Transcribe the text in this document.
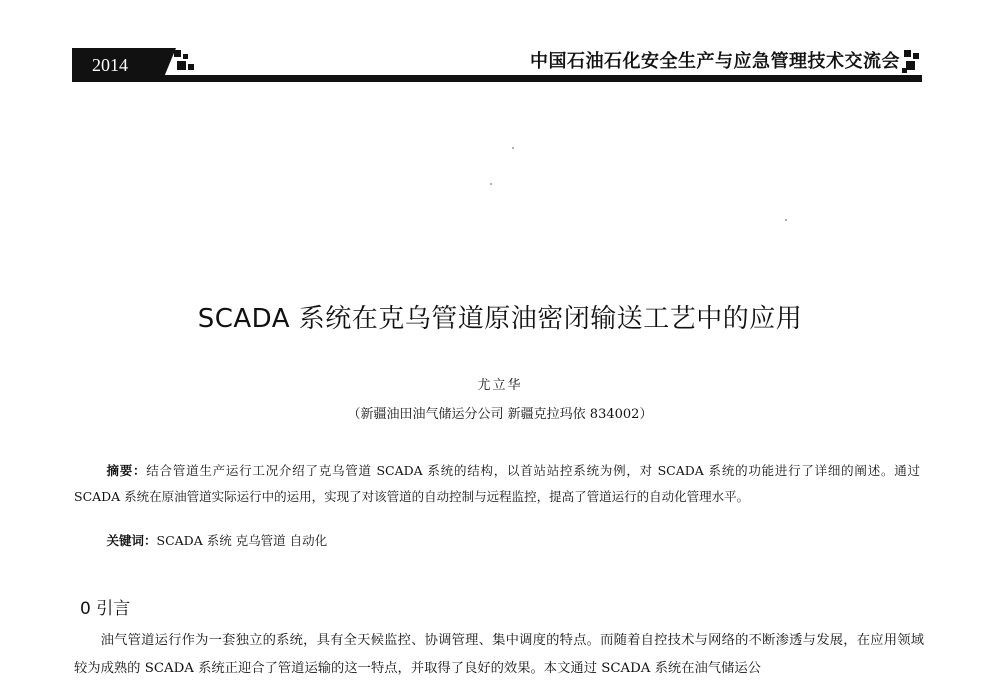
2014	中国石油石化安全生产与应急管理技术交流会
SCADA 系统在克乌管道原油密闭输送工艺中的应用
尤立华
（新疆油田油气储运分公司 新疆克拉玛依 834002）
摘要：结合管道生产运行工况介绍了克乌管道 SCADA 系统的结构，以首站站控系统为例，对 SCADA 系统的功能进行了详细的阐述。通过 SCADA 系统在原油管道实际运行中的运用，实现了对该管道的自动控制与远程监控，提高了管道运行的自动化管理水平。
关键词：SCADA 系统 克乌管道 自动化
0 引言
油气管道运行作为一套独立的系统，具有全天候监控、协调管理、集中调度的特点。而随着自控技术与网络的不断渗透与发展，在应用领域较为成熟的 SCADA 系统正迎合了管道运输的这一特点，并取得了良好的效果。本文通过 SCADA 系统在油气储运公
